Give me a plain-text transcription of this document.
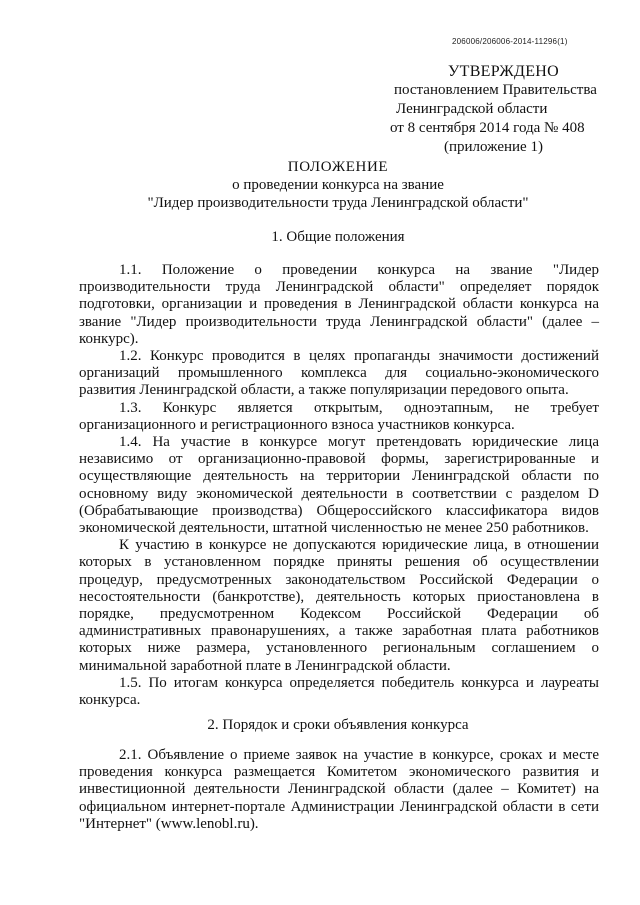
206006/206006-2014-11296(1)
УТВЕРЖДЕНО
постановлением Правительства
Ленинградской области
от 8 сентября 2014 года № 408
(приложение 1)
ПОЛОЖЕНИЕ
о проведении конкурса на звание
"Лидер производительности труда Ленинградской области"
1. Общие положения

1.1. Положение о проведении конкурса на звание "Лидер производительности труда Ленинградской области" определяет порядок подготовки, организации и проведения в Ленинградской области конкурса на звание "Лидер производительности труда Ленинградской области" (далее – конкурс).

1.2. Конкурс проводится в целях пропаганды значимости достижений организаций промышленного комплекса для социально-экономического развития Ленинградской области, а также популяризации передового опыта.

1.3. Конкурс является открытым, одноэтапным, не требует организационного и регистрационного взноса участников конкурса.

1.4. На участие в конкурсе могут претендовать юридические лица независимо от организационно-правовой формы, зарегистрированные и осуществляющие деятельность на территории Ленинградской области по основному виду экономической деятельности в соответствии с разделом D (Обрабатывающие производства) Общероссийского классификатора видов экономической деятельности, штатной численностью не менее 250 работников.

К участию в конкурсе не допускаются юридические лица, в отношении которых в установленном порядке приняты решения об осуществлении процедур, предусмотренных законодательством Российской Федерации о несостоятельности (банкротстве), деятельность которых приостановлена в порядке, предусмотренном Кодексом Российской Федерации об административных правонарушениях, а также заработная плата работников которых ниже размера, установленного региональным соглашением о минимальной заработной плате в Ленинградской области.

1.5. По итогам конкурса определяется победитель конкурса и лауреаты конкурса.

2. Порядок и сроки объявления конкурса

2.1. Объявление о приеме заявок на участие в конкурсе, сроках и месте проведения конкурса размещается Комитетом экономического развития и инвестиционной деятельности Ленинградской области (далее – Комитет) на официальном интернет-портале Администрации Ленинградской области в сети "Интернет" (www.lenobl.ru).
